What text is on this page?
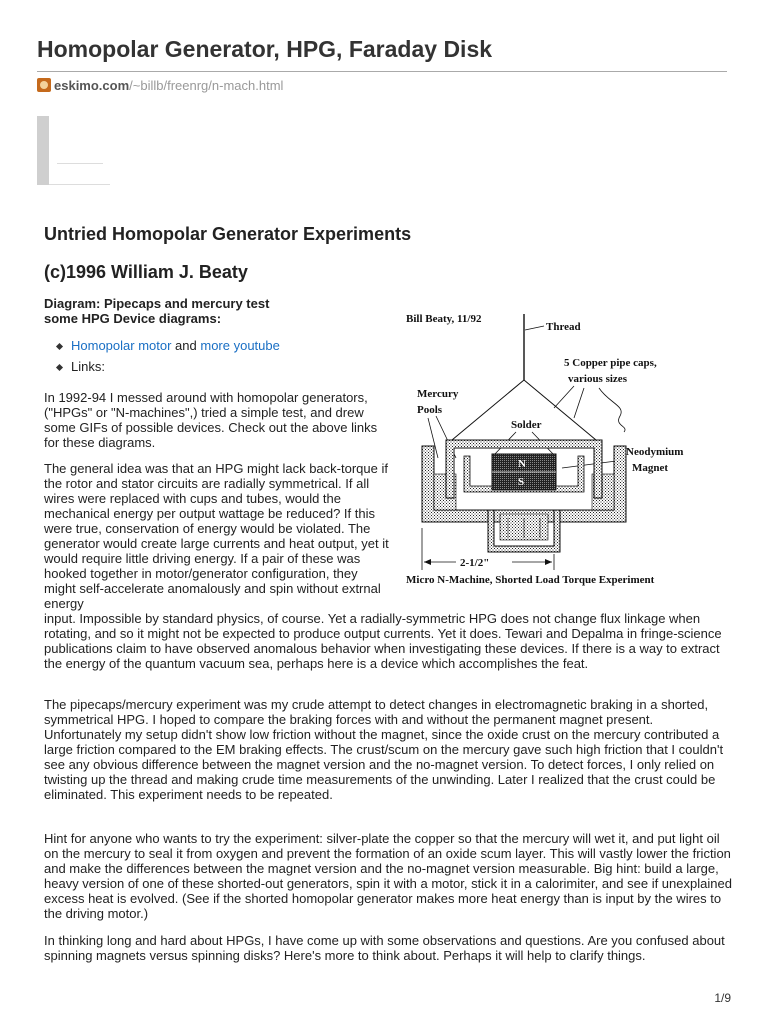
Homopolar Generator, HPG, Faraday Disk
eskimo.com/~billb/freenrg/n-mach.html
Untried Homopolar Generator Experiments
(c)1996 William J. Beaty
Diagram: Pipecaps and mercury test
some HPG Device diagrams:
Homopolar motor and more youtube
Links:

In 1992-94 I messed around with homopolar generators, ("HPGs" or "N-machines",) tried a simple test, and drew some GIFs of possible devices. Check out the above links for these diagrams.

The general idea was that an HPG might lack back-torque if the rotor and stator circuits are radially symmetrical. If all wires were replaced with cups and tubes, would the mechanical energy per output wattage be reduced? If this were true, conservation of energy would be violated. The generator would create large currents and heat output, yet it would require little driving energy. If a pair of these was hooked together in motor/generator configuration, they might self-accelerate anomalously and spin without extrnal energy

input. Impossible by standard physics, of course. Yet a radially-symmetric HPG does not change flux linkage when rotating, and so it might not be expected to produce output currents. Yet it does. Tewari and Depalma in fringe-science publications claim to have observed anomalous behavior when investigating these devices. If there is a way to extract the energy of the quantum vacuum sea, perhaps here is a device which accomplishes the feat.

The pipecaps/mercury experiment was my crude attempt to detect changes in electromagnetic braking in a shorted, symmetrical HPG. I hoped to compare the braking forces with and without the permanent magnet present. Unfortunately my setup didn't show low friction without the magnet, since the oxide crust on the mercury contributed a large friction compared to the EM braking effects. The crust/scum on the mercury gave such high friction that I couldn't see any obvious difference between the magnet version and the no-magnet version. To detect forces, I only relied on twisting up the thread and making crude time measurements of the unwinding. Later I realized that the crust could be eliminated. This experiment needs to be repeated.

Hint for anyone who wants to try the experiment: silver-plate the copper so that the mercury will wet it, and put light oil on the mercury to seal it from oxygen and prevent the formation of an oxide scum layer. This will vastly lower the friction and make the differences between the magnet version and the no-magnet version measurable. Big hint: build a large, heavy version of one of these shorted-out generators, spin it with a motor, stick it in a calorimiter, and see if unexplained excess heat is evolved. (See if the shorted homopolar generator makes more heat energy than is input by the wires to the driving motor.)

In thinking long and hard about HPGs, I have come up with some observations and questions. Are you confused about spinning magnets versus spinning disks? Here's more to think about. Perhaps it will help to clarify things.

Bill Beaty, 11/92
Thread
5 Copper pipe caps,
various sizes
Mercury
Pools
Solder
Neodymium
Magnet
N
S
2-1/2"
Micro N-Machine, Shorted Load Torque Experiment
1/9
